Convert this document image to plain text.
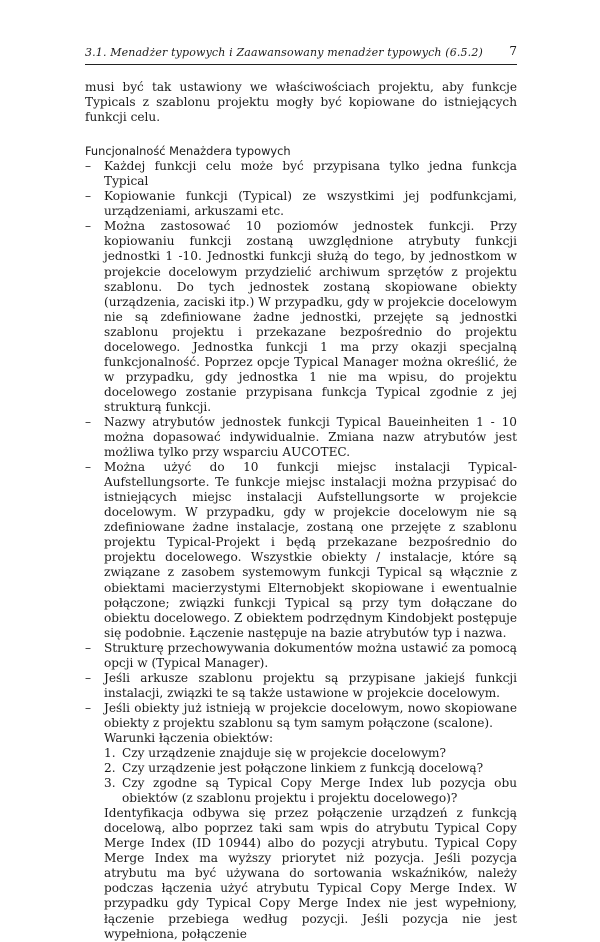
3.1. Menadżer typowych i Zaawansowany menadżer typowych (6.5.2) 7

musi być tak ustawiony we właściwościach projektu, aby funkcje Typicals z szablonu projektu mogły być kopiowane do istniejących funkcji celu.

Funcjonalność Menażdera typowych

– Każdej funkcji celu może być przypisana tylko jedna funkcja Typical
– Kopiowanie funkcji (Typical) ze wszystkimi jej podfunkcjami, urządzeniami, arkuszami etc.
– Można zastosować 10 poziomów jednostek funkcji. Przy kopiowaniu funkcji zostaną uwzględnione atrybuty funkcji jednostki 1 -10. Jednostki funkcji służą do tego, by jednostkom w projekcie docelowym przydzielić archiwum sprzętów z projektu szablonu. Do tych jednostek zostaną skopiowane obiekty (urządzenia, zaciski itp.) W przypadku, gdy w projekcie docelowym nie są zdefiniowane żadne jednostki, przejęte są jednostki szablonu projektu i przekazane bezpośrednio do projektu docelowego. Jednostka funkcji 1 ma przy okazji specjalną funkcjonalność. Poprzez opcje Typical Manager można określić, że w przypadku, gdy jednostka 1 nie ma wpisu, do projektu docelowego zostanie przypisana funkcja Typical zgodnie z jej strukturą funkcji.
– Nazwy atrybutów jednostek funkcji Typical Baueinheiten 1 - 10 można dopasować indywidualnie. Zmiana nazw atrybutów jest możliwa tylko przy wsparciu AUCOTEC.
– Można użyć do 10 funkcji miejsc instalacji Typical-Aufstellungsorte. Te funkcje miejsc instalacji można przypisać do istniejących miejsc instalacji Aufstellungsorte w projekcie docelowym. W przypadku, gdy w projekcie docelowym nie są zdefiniowane żadne instalacje, zostaną one przejęte z szablonu projektu Typical-Projekt i będą przekazane bezpośrednio do projektu docelowego. Wszystkie obiekty / instalacje, które są związane z zasobem systemowym funkcji Typical są włącznie z obiektami macierzystymi Elternobjekt skopiowane i ewentualnie połączone; związki funkcji Typical są przy tym dołączane do obiektu docelowego. Z obiektem podrzędnym Kindobjekt postępuje się podobnie. Łączenie następuje na bazie atrybutów typ i nazwa.
– Strukturę przechowywania dokumentów można ustawić za pomocą opcji w (Typical Manager).
– Jeśli arkusze szablonu projektu są przypisane jakiejś funkcji instalacji, związki te są także ustawione w projekcie docelowym.
– Jeśli obiekty już istnieją w projekcie docelowym, nowo skopiowane obiekty z projektu szablonu są tym samym połączone (scalone).

Warunki łączenia obiektów:

1. Czy urządzenie znajduje się w projekcie docelowym?
2. Czy urządzenie jest połączone linkiem z funkcją docelową?
3. Czy zgodne są Typical Copy Merge Index lub pozycja obu obiektów (z szablonu projektu i projektu docelowego)?

Identyfikacja odbywa się przez połączenie urządzeń z funkcją docelową, albo poprzez taki sam wpis do atrybutu Typical Copy Merge Index (ID 10944) albo do pozycji atrybutu. Typical Copy Merge Index ma wyższy priorytet niż pozycja. Jeśli pozycja atrybutu ma być używana do sortowania wskaźników, należy podczas łączenia użyć atrybutu Typical Copy Merge Index. W przypadku gdy Typical Copy Merge Index nie jest wypełniony, łączenie przebiega według pozycji. Jeśli pozycja nie jest wypełniona, połączenie
